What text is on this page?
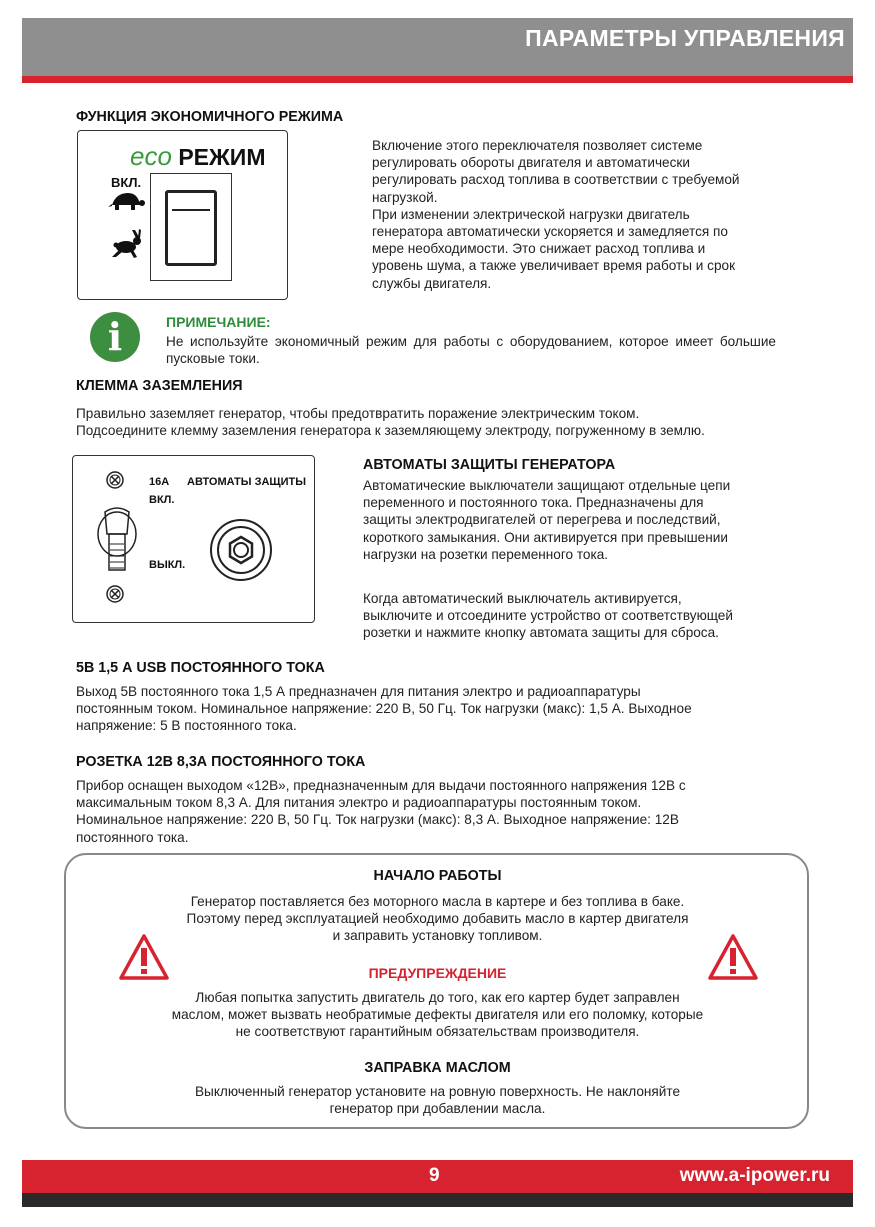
ПАРАМЕТРЫ УПРАВЛЕНИЯ
ФУНКЦИЯ ЭКОНОМИЧНОГО РЕЖИМА
eco РЕЖИМ
ВКЛ.
Включение этого переключателя позволяет системе
регулировать обороты двигателя и автоматически
регулировать расход топлива в соответствии с требуемой
нагрузкой.
При изменении электрической нагрузки двигатель
генератора автоматически ускоряется и замедляется по
мере необходимости. Это снижает расход топлива и
уровень шума, а также увеличивает время работы и срок
службы двигателя.
i	ПРИМЕЧАНИЕ:
Не используйте экономичный режим для работы с оборудованием, которое имеет большие пусковые токи.
КЛЕММА ЗАЗЕМЛЕНИЯ
Правильно заземляет генератор, чтобы предотвратить поражение электрическим током.
Подсоедините клемму заземления генератора к заземляющему электроду, погруженному в землю.
16A АВТОМАТЫ ЗАЩИТЫ
ВКЛ.
ВЫКЛ.
АВТОМАТЫ ЗАЩИТЫ ГЕНЕРАТОРА
Автоматические выключатели защищают отдельные цепи
переменного и постоянного тока. Предназначены для
защиты электродвигателей от перегрева и последствий,
короткого замыкания. Они активируется при превышении
нагрузки на розетки переменного тока.
Когда автоматический выключатель активируется,
выключите и отсоедините устройство от соответствующей
розетки и нажмите кнопку автомата защиты для сброса.
5В 1,5 А USB ПОСТОЯННОГО ТОКА
Выход 5В постоянного тока 1,5 А предназначен для питания электро и радиоаппаратуры
постоянным током. Номинальное напряжение: 220 В, 50 Гц. Ток нагрузки (макс): 1,5 А. Выходное
напряжение: 5 В постоянного тока.
РОЗЕТКА 12В 8,3А ПОСТОЯННОГО ТОКА
Прибор оснащен выходом «12В», предназначенным для выдачи постоянного напряжения 12В с
максимальным током 8,3 А. Для питания электро и радиоаппаратуры постоянным током.
Номинальное напряжение: 220 В, 50 Гц. Ток нагрузки (макс): 8,3 А. Выходное напряжение: 12В
постоянного тока.
НАЧАЛО РАБОТЫ
Генератор поставляется без моторного масла в картере и без топлива в баке.
Поэтому перед эксплуатацией необходимо добавить масло в картер двигателя
и заправить установку топливом.
ПРЕДУПРЕЖДЕНИЕ
Любая попытка запустить двигатель до того, как его картер будет заправлен
маслом, может вызвать необратимые дефекты двигателя или его поломку, которые
не соответствуют гарантийным обязательствам производителя.
ЗАПРАВКА МАСЛОМ
Выключенный генератор установите на ровную поверхность. Не наклоняйте
генератор при добавлении масла.
9	www.a-ipower.ru
